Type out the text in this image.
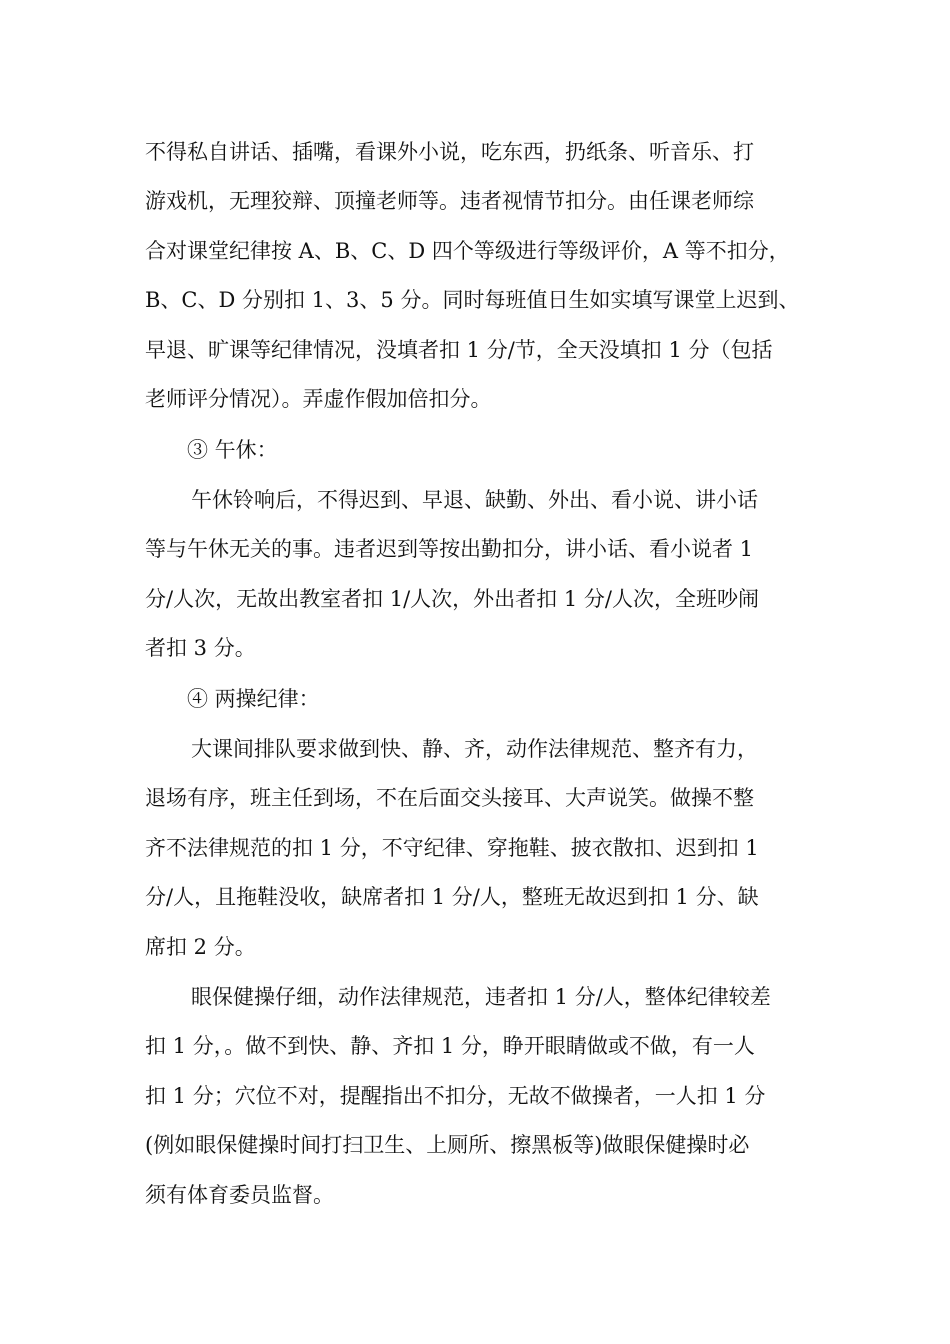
不得私自讲话、插嘴，看课外小说，吃东西，扔纸条、听音乐、打
游戏机，无理狡辩、顶撞老师等。违者视情节扣分。由任课老师综
合对课堂纪律按 A、B、C、D 四个等级进行等级评价，A 等不扣分，
B、C、D 分别扣 1、3、5 分。同时每班值日生如实填写课堂上迟到、
早退、旷课等纪律情况，没填者扣 1 分/节，全天没填扣 1 分（包括
老师评分情况）。弄虚作假加倍扣分。
③ 午休：
午休铃响后，不得迟到、早退、缺勤、外出、看小说、讲小话
等与午休无关的事。违者迟到等按出勤扣分，讲小话、看小说者 1
分/人次，无故出教室者扣 1/人次，外出者扣 1 分/人次，全班吵闹
者扣 3 分。
④ 两操纪律：
大课间排队要求做到快、静、齐，动作法律规范、整齐有力，
退场有序，班主任到场，不在后面交头接耳、大声说笑。做操不整
齐不法律规范的扣 1 分，不守纪律、穿拖鞋、披衣散扣、迟到扣 1
分/人，且拖鞋没收，缺席者扣 1 分/人，整班无故迟到扣 1 分、缺
席扣 2 分。
眼保健操仔细，动作法律规范，违者扣 1 分/人，整体纪律较差
扣 1 分，。做不到快、静、齐扣 1 分，睁开眼睛做或不做，有一人
扣 1 分；穴位不对，提醒指出不扣分，无故不做操者，一人扣 1 分
(例如眼保健操时间打扫卫生、上厕所、擦黑板等)做眼保健操时必
须有体育委员监督。
